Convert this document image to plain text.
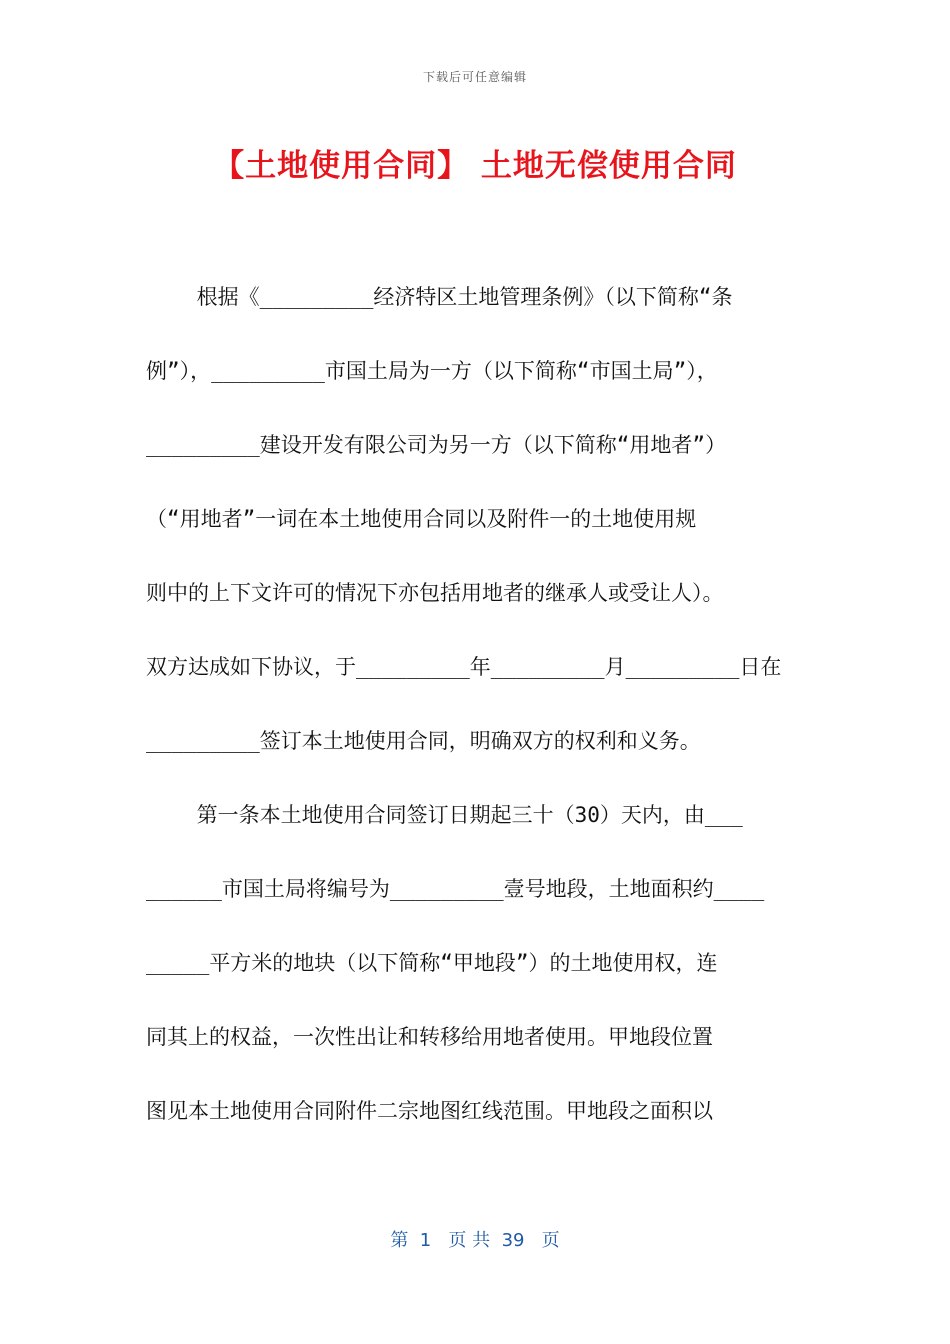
下载后可任意编辑
【土地使用合同】 土地无偿使用合同
根据《_________经济特区土地管理条例》（以下简称“条
例”），_________市国土局为一方（以下简称“市国土局”），
_________建设开发有限公司为另一方（以下简称“用地者”）
（“用地者”一词在本土地使用合同以及附件一的土地使用规
则中的上下文许可的情况下亦包括用地者的继承人或受让人）。
双方达成如下协议，于_________年_________月_________日在
_________签订本土地使用合同，明确双方的权利和义务。
第一条本土地使用合同签订日期起三十（30）天内，由___
______市国土局将编号为_________壹号地段，土地面积约____
_____平方米的地块（以下简称“甲地段”）的土地使用权，连
同其上的权益，一次性出让和转移给用地者使用。甲地段位置
图见本土地使用合同附件二宗地图红线范围。甲地段之面积以
第  1   页 共  39   页
